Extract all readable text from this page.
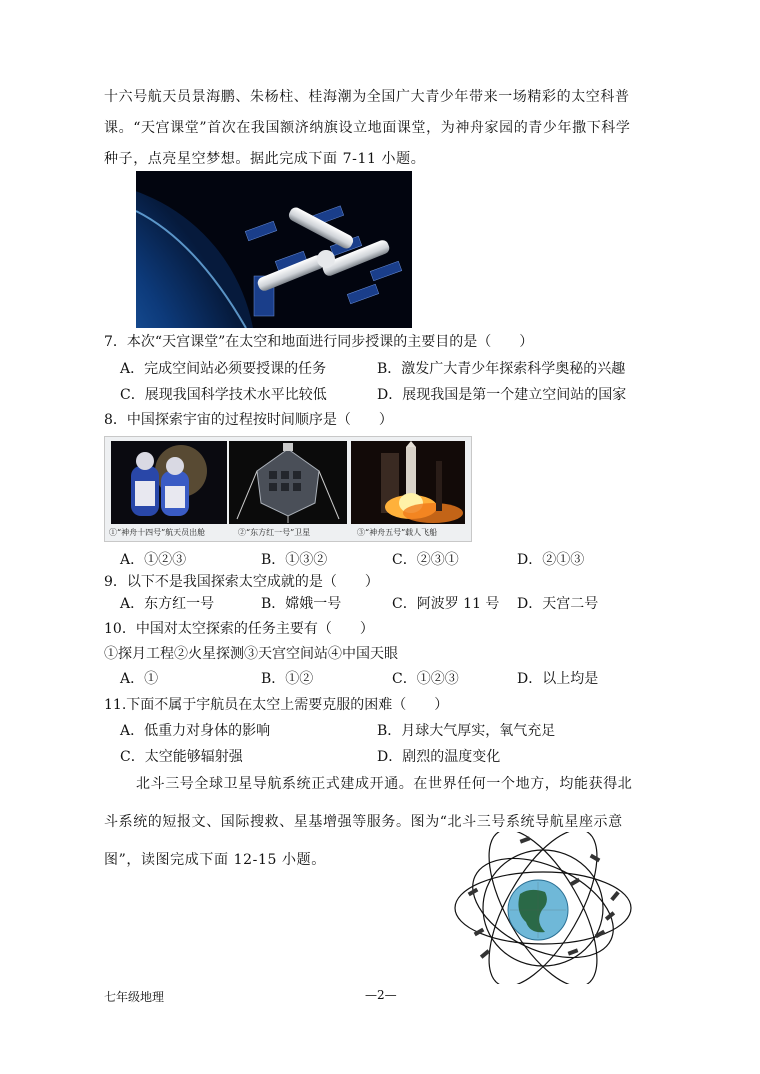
十六号航天员景海鹏、朱杨柱、桂海潮为全国广大青少年带来一场精彩的太空科普
课。“天宫课堂”首次在我国额济纳旗设立地面课堂，为神舟家园的青少年撒下科学
种子，点亮星空梦想。据此完成下面 7-11 小题。
7．本次“天宫课堂”在太空和地面进行同步授课的主要目的是（　　）
A．完成空间站必须要授课的任务	B．激发广大青少年探索科学奥秘的兴趣
C．展现我国科学技术水平比较低	D．展现我国是第一个建立空间站的国家
8．中国探索宇宙的过程按时间顺序是（　　）
①“神舟十四号”航天员出舱	②“东方红一号”卫星	③“神舟五号”载人飞船
A．①②③	B．①③②	C．②③①	D．②①③
9．以下不是我国探索太空成就的是（　　）
A．东方红一号	B．嫦娥一号	C．阿波罗 11 号 D．天宫二号
10．中国对太空探索的任务主要有（　　）
①探月工程②火星探测③天宫空间站④中国天眼
A．①	B．①②	C．①②③	D．以上均是
11.下面不属于宇航员在太空上需要克服的困难（　　）
A．低重力对身体的影响	B．月球大气厚实，氧气充足
C．太空能够辐射强	D．剧烈的温度变化
北斗三号全球卫星导航系统正式建成开通。在世界任何一个地方，均能获得北
斗系统的短报文、国际搜救、星基增强等服务。图为“北斗三号系统导航星座示意
图”，读图完成下面 12-15 小题。
七年级地理	—2—
